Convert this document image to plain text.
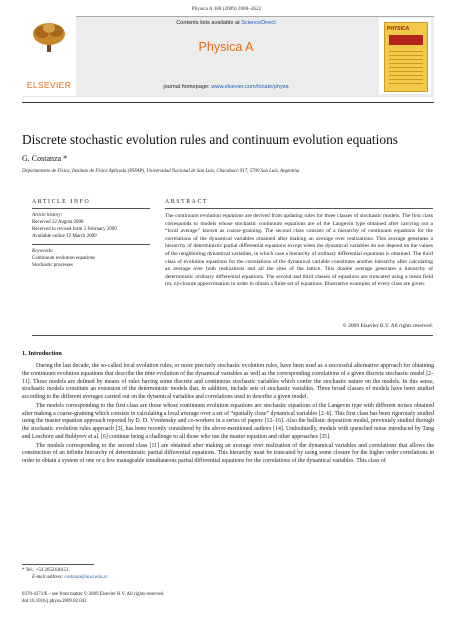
Physica A 388 (2009) 2608–2622
ELSEVIER
Contents lists available at ScienceDirect
Physica A
journal homepage: www.elsevier.com/locate/physa
PHYSICA
Discrete stochastic evolution rules and continuum evolution equations
G. Costanza *
Departamento de Física, Instituto de Física Aplicada (INFAP), Universidad Nacional de San Luis, Chacabuco 917, 5700 San Luis, Argentina
ARTICLE INFO
Article history:
Received 22 August 2008
Received in revised form 3 February 2009
Available online 12 March 2009
Keywords:
Continuum evolution equations
Stochastic processes
ABSTRACT
The continuum evolution equations are derived from updating rules for three classes of stochastic models. The first class corresponds to models whose stochastic continuum equations are of the Langevin type obtained after carrying out a “local average” known as coarse-graining. The second class consists of a hierarchy of continuum equations for the correlations of the dynamical variables obtained after making an average over realizations. This average generates a hierarchy of deterministic partial differential equations except when the dynamical variables do not depend on the values of the neighboring dynamical variables, in which case a hierarchy of ordinary differential equations is obtained. The third class of evolution equations for the correlations of the dynamical variable constitutes another hierarchy after calculating an average over both realizations and all the sites of the lattice. This double average generates a hierarchy of deterministic ordinary differential equations. The second and third classes of equations are truncated using a mean field (m, n)-closure approximation in order to obtain a finite set of equations. Illustrative examples of every class are given.
© 2009 Elsevier B.V. All rights reserved.
1. Introduction

During the last decade, the so-called local evolution rules, or more precisely stochastic evolution rules, have been used as a successful alternative approach for obtaining the continuum evolution equations that describe the time evolution of the dynamical variables as well as the corresponding correlations of a given discrete stochastic model [2–11]. These models are defined by means of rules having some discrete and continuous stochastic variables which confer the stochastic nature on the models. In this sense, stochastic models constitute an extension of the deterministic models that, in addition, include sets of stochastic variables. Three broad classes of models have been studied according to the different averages carried out on the dynamical variables and correlations used to describe a given model.

The models corresponding to the first class are those whose continuum evolution equations are stochastic equations of the Langevin type with different noises obtained after making a coarse-graining which consists in calculating a local average over a set of “spatially close” dynamical variables [2–6]. This first class has been rigorously studied using the master equation approach reported by D. D. Vvedensky and co-workers in a series of papers [12–16]. Also the ballistic deposition model, previously studied through the stochastic evolution rules approach [3], has been recently considered by the above-mentioned authors [14]. Undoubtedly, models with quenched noise introduced by Tang and Leschorn and Buldyrev et al. [6] continue being a challenge to all those who use the master equation and other approaches [35].

The models corresponding to the second class [11] are obtained after making an average over realization of the dynamical variables and correlations that allows the construction of an infinite hierarchy of deterministic partial differential equations. This hierarchy must be truncated by using some closure for the higher order correlations in order to obtain a system of one or a few manageable simultaneous partial differential equations for the correlations of the dynamical variables. This class of

* Tel.: +54 2652436151.
E-mail address: costanza@unsl.edu.ar
0378-4371/$ – see front matter © 2009 Elsevier B.V. All rights reserved.
doi:10.1016/j.physa.2009.02.042
